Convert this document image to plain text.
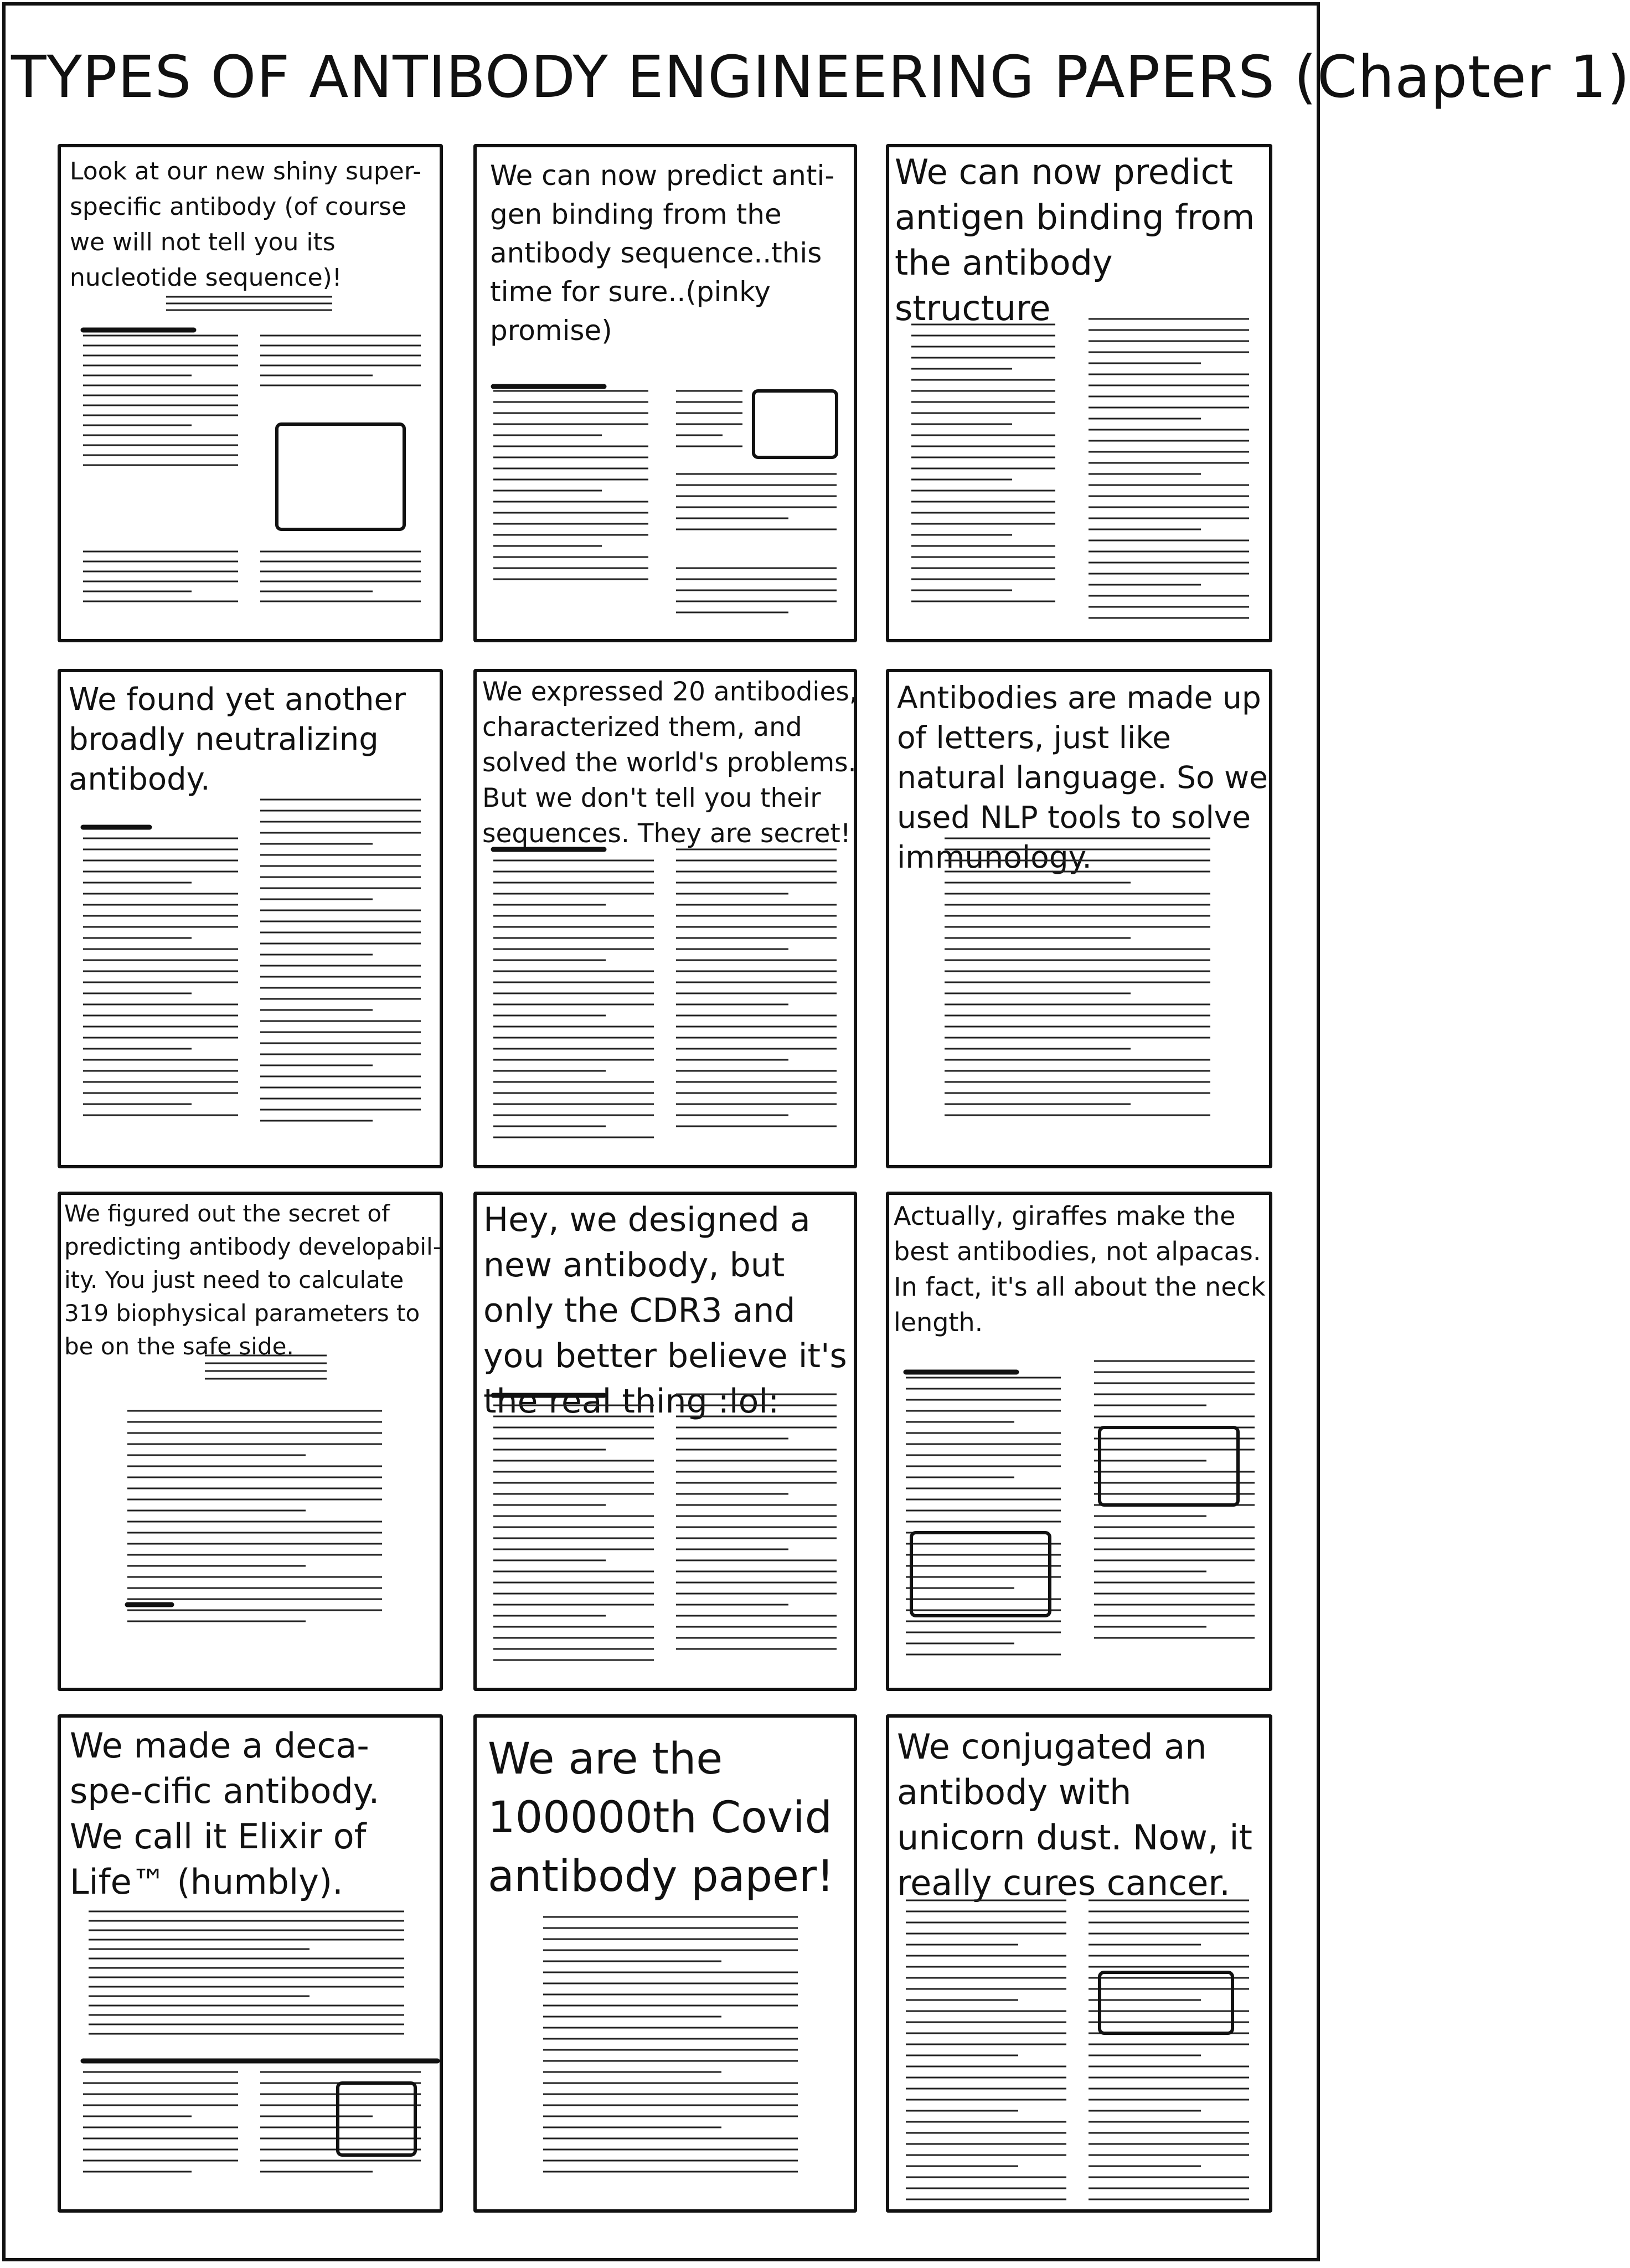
TYPES OF ANTIBODY ENGINEERING PAPERS (Chapter 1)
Look at our new shiny super-specific antibody (of course we will not tell you its nucleotide sequence)!
We can now predict anti-gen binding from the antibody sequence..this time for sure..(pinky promise)
We can now predict antigen binding from the antibody structure
We found yet another broadly neutralizing antibody.
We expressed 20 antibodies, characterized them, and solved the world's problems. But we don't tell you their sequences. They are secret!
Antibodies are made up of letters, just like natural language. So we used NLP tools to solve immunology.
We figured out the secret of predicting antibody developabil-ity. You just need to calculate 319 biophysical parameters to be on the safe side.
Hey, we designed a new antibody, but only the CDR3 and you better believe it's the real thing :lol:
Actually, giraffes make the best antibodies, not alpacas. In fact, it's all about the neck length.
We made a deca-spe-cific antibody. We call it Elixir of Life™ (humbly).
We are the 100000th Covid antibody paper!
We conjugated an antibody with unicorn dust. Now, it really cures cancer.
